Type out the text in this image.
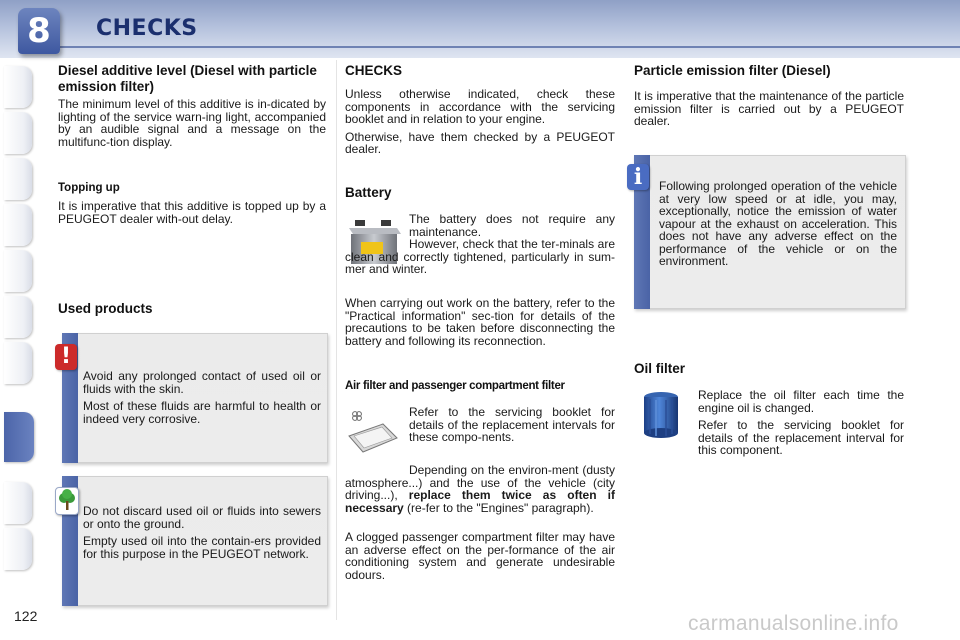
8	CHECKS

Diesel additive level (Diesel with particle emission filter)

The minimum level of this additive is in-dicated by lighting of the service warn-ing light, accompanied by an audible signal and a message on the multifunc-tion display.

Topping up

It is imperative that this additive is topped up by a PEUGEOT dealer with-out delay.

Used products

!

Avoid any prolonged contact of used oil or fluids with the skin.

Most of these fluids are harmful to health or indeed very corrosive.

Do not discard used oil or fluids into sewers or onto the ground.

Empty used oil into the contain-ers provided for this purpose in the PEUGEOT network.

CHECKS

Unless otherwise indicated, check these components in accordance with the servicing booklet and in relation to your engine.

Otherwise, have them checked by a PEUGEOT dealer.

Battery

The battery does not require any maintenance.

However, check that the ter-minals are clean and correctly tightened, particularly in sum-mer and winter.

When carrying out work on the battery, refer to the "Practical information" sec-tion for details of the precautions to be taken before disconnecting the battery and following its reconnection.

Air filter and passenger compartment filter

Refer to the servicing booklet for details of the replacement intervals for these compo-nents.

Depending on the environ-ment (dusty atmosphere...) and the use of the vehicle (city driving...), replace them twice as often if necessary (re-fer to the "Engines" paragraph).

A clogged passenger compartment filter may have an adverse effect on the per-formance of the air conditioning system and generate undesirable odours.

Particle emission filter (Diesel)

It is imperative that the maintenance of the particle emission filter is carried out by a PEUGEOT dealer.

Oil filter

Replace the oil filter each time the engine oil is changed.

Refer to the servicing booklet for details of the replacement interval for this component.

i	Following prolonged operation of the vehicle at very low speed or at idle, you may, exceptionally, notice the emission of water vapour at the exhaust on acceleration. This does not have any adverse effect on the performance of the vehicle or on the environment.

122	carmanualsonline.info
